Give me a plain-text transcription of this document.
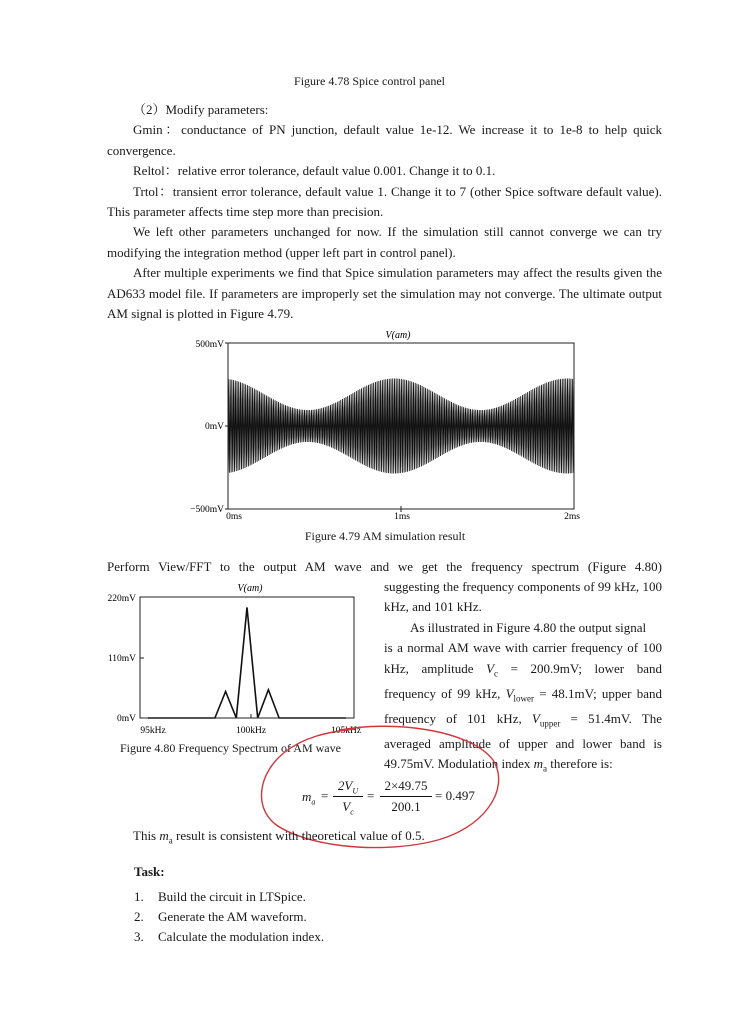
Figure 4.78 Spice control panel

（2）Modify parameters:

Gmin：conductance of PN junction, default value 1e-12. We increase it to 1e-8 to help quick convergence.

Reltol：relative error tolerance, default value 0.001. Change it to 0.1.

Trtol：transient error tolerance, default value 1. Change it to 7 (other Spice software default value). This parameter affects time step more than precision.

We left other parameters unchanged for now. If the simulation still cannot converge we can try modifying the integration method (upper left part in control panel).

After multiple experiments we find that Spice simulation parameters may affect the results given the AD633 model file. If parameters are improperly set the simulation may not converge. The ultimate output AM signal is plotted in Figure 4.79.

V(am)
500mV
0mV
−500mV
0ms	1ms	2ms
Figure 4.79 AM simulation result
Perform View/FFT to the output AM wave and we get the frequency spectrum (Figure 4.80)

suggesting the frequency components of 99 kHz, 100 kHz, and 101 kHz.

As illustrated in Figure 4.80 the output signal

is a normal AM wave with carrier frequency of 100

kHz, amplitude $V_c = 200.9mV$; lower band

frequency of 99 kHz, $V_{lower} = 48.1mV$; upper band

frequency of 101 kHz, $V_{upper} = 51.4mV$. The

averaged amplitude of upper and lower band is

49.75mV. Modulation index $m_a$ therefore is:

V(am)
220mV
110mV
0mV
95kHz	100kHz	105kHz
Figure 4.80 Frequency Spectrum of AM wave
$m_a$ =
$2V_U$
$V_c$
=
2×49.75
200.1
= 0.497
This $m_a$ result is consistent with theoretical value of 0.5.
Task:
1. Build the circuit in LTSpice.
2. Generate the AM waveform.
3. Calculate the modulation index.
